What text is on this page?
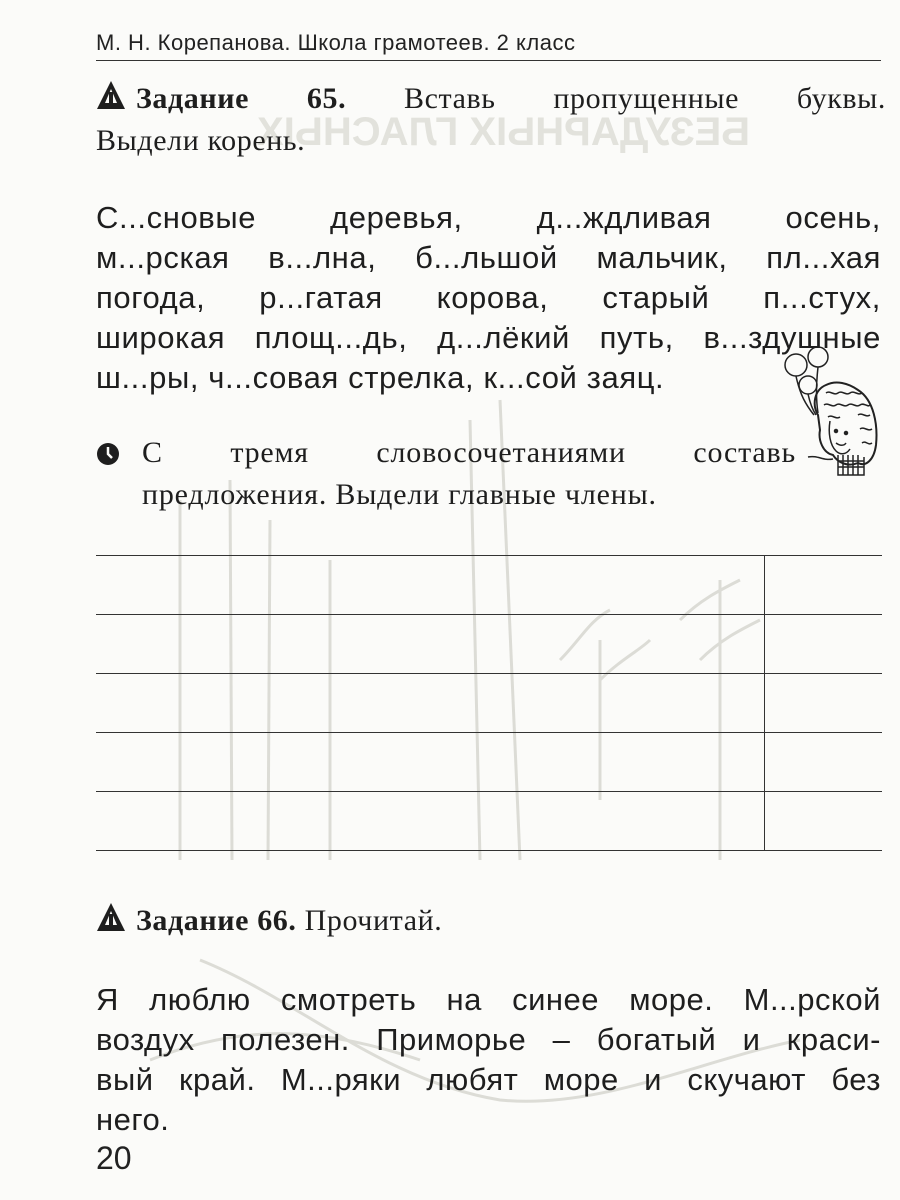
БЕЗУДАРНЫХ ГЛАСНЫХ
М. Н. Корепанова. Школа грамотеев. 2 класс
Задание 65. Вставь пропущенные буквы.
Выдели корень.
С...сновые деревья, д...ждливая осень,
м...рская в...лна, б...льшой мальчик, пл...хая
погода, р...гатая корова, старый п...стух,
широкая площ...дь, д...лёкий путь, в...здушные
ш...ры, ч...совая стрелка, к...сой заяц.
С тремя словосочетаниями составь
предложения. Выдели главные члены.
Задание 66. Прочитай.
Я люблю смотреть на синее море. М...рской
воздух полезен. Приморье – богатый и краси-
вый край. М...ряки любят море и скучают без
него.
20
